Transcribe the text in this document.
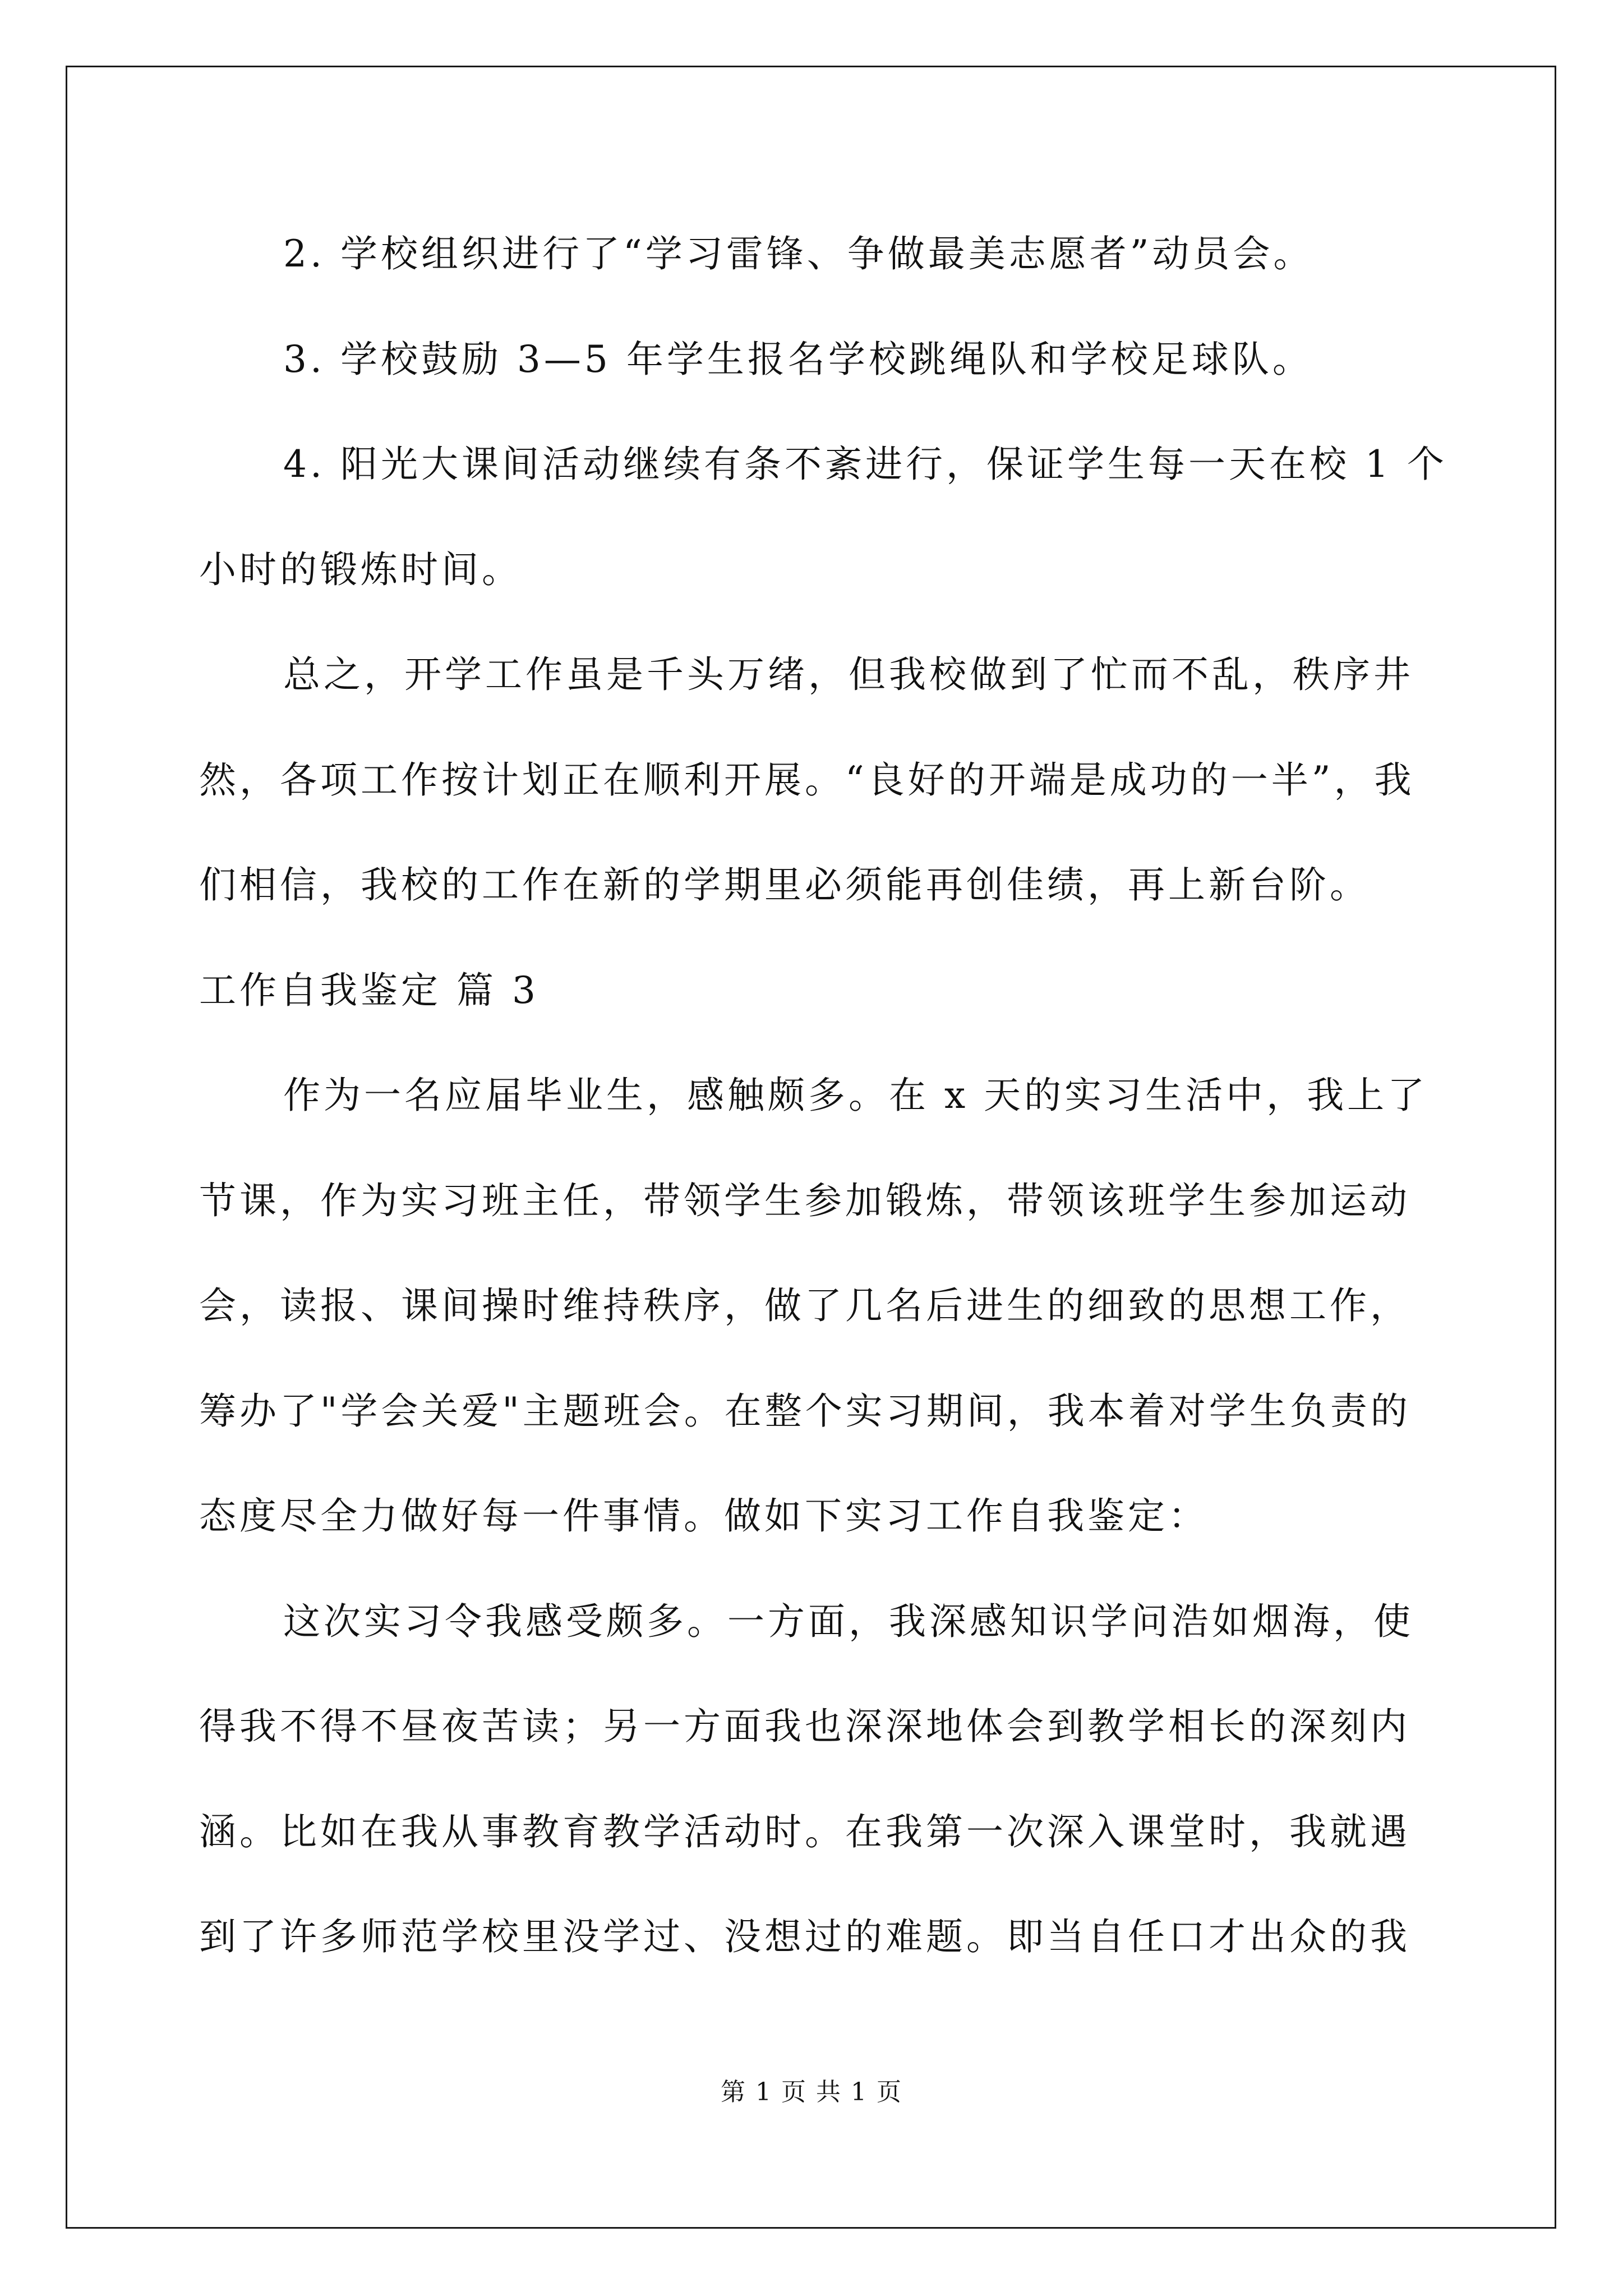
2. 学校组织进行了“学习雷锋、争做最美志愿者”动员会。
3. 学校鼓励 3—5 年学生报名学校跳绳队和学校足球队。
4. 阳光大课间活动继续有条不紊进行，保证学生每一天在校 1 个
小时的锻炼时间。
总之，开学工作虽是千头万绪，但我校做到了忙而不乱，秩序井
然，各项工作按计划正在顺利开展。“良好的开端是成功的一半”，我
们相信，我校的工作在新的学期里必须能再创佳绩，再上新台阶。
工作自我鉴定 篇 3
作为一名应届毕业生，感触颇多。在 x 天的实习生活中，我上了
节课，作为实习班主任，带领学生参加锻炼，带领该班学生参加运动
会，读报、课间操时维持秩序，做了几名后进生的细致的思想工作，
筹办了"学会关爱"主题班会。在整个实习期间，我本着对学生负责的
态度尽全力做好每一件事情。做如下实习工作自我鉴定：
这次实习令我感受颇多。一方面，我深感知识学问浩如烟海，使
得我不得不昼夜苦读；另一方面我也深深地体会到教学相长的深刻内
涵。比如在我从事教育教学活动时。在我第一次深入课堂时，我就遇
到了许多师范学校里没学过、没想过的难题。即当自任口才出众的我
第 1 页 共 1 页
